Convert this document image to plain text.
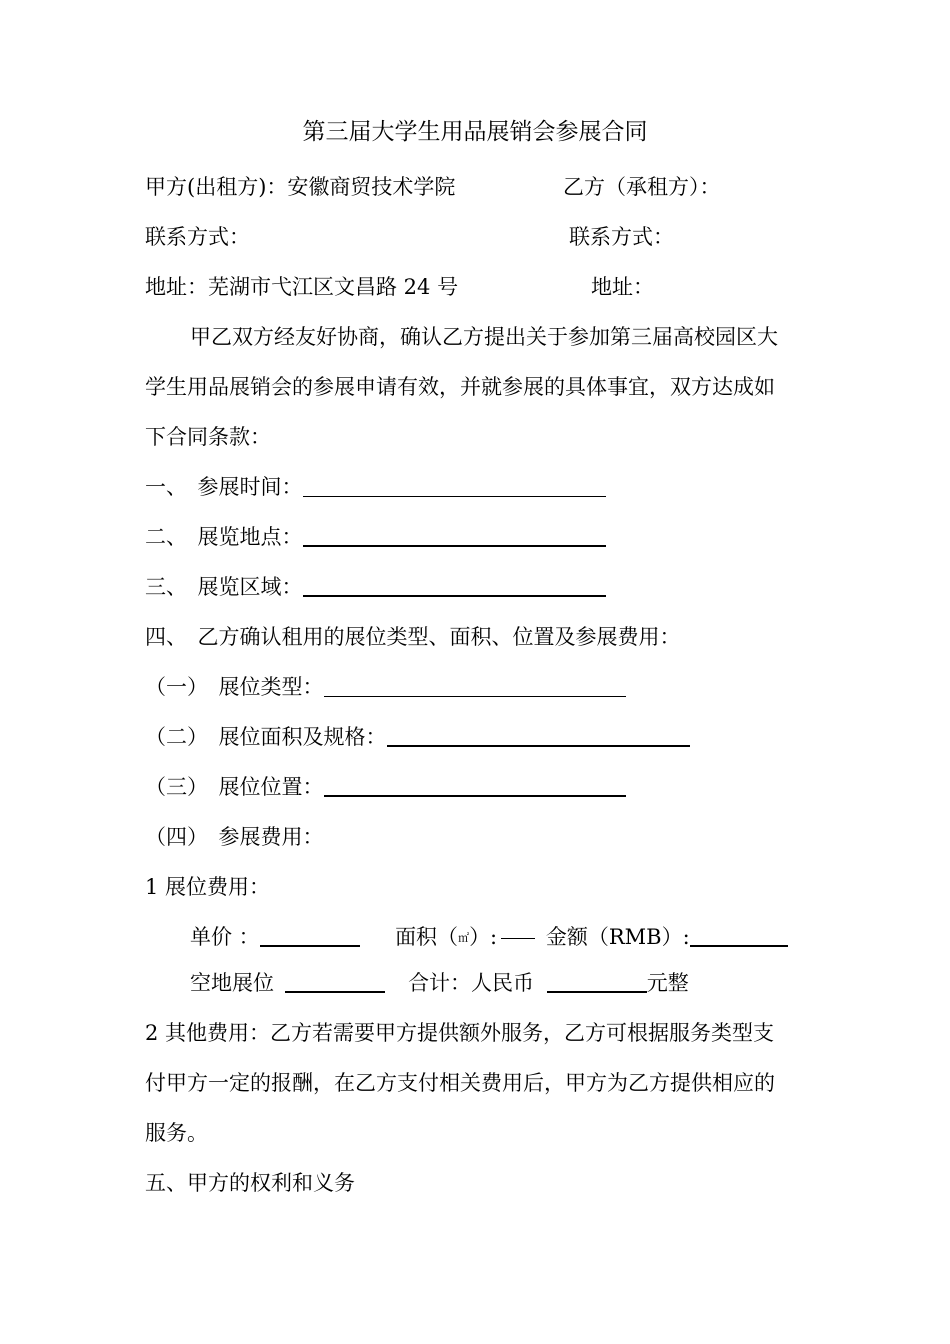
第三届大学生用品展销会参展合同
甲方(出租方)：安徽商贸技术学院	乙方（承租方）：
联系方式：	联系方式：
地址：芜湖市弋江区文昌路 24 号	地址：
甲乙双方经友好协商，确认乙方提出关于参加第三届高校园区大
学生用品展销会的参展申请有效，并就参展的具体事宜，双方达成如
下合同条款：
一、　参展时间：
二、　展览地点：
三、　展览区域：
四、　乙方确认租用的展位类型、面积、位置及参展费用：
（一）　展位类型：
（二）　展位面积及规格：
（三）　展位位置：
（四）　参展费用：
1 展位费用：
单价 ：	面积（㎡）: 金额（RMB）:
空地展位	合计：人民币	元整
2 其他费用：乙方若需要甲方提供额外服务，乙方可根据服务类型支
付甲方一定的报酬，在乙方支付相关费用后，甲方为乙方提供相应的
服务。
五、甲方的权利和义务
